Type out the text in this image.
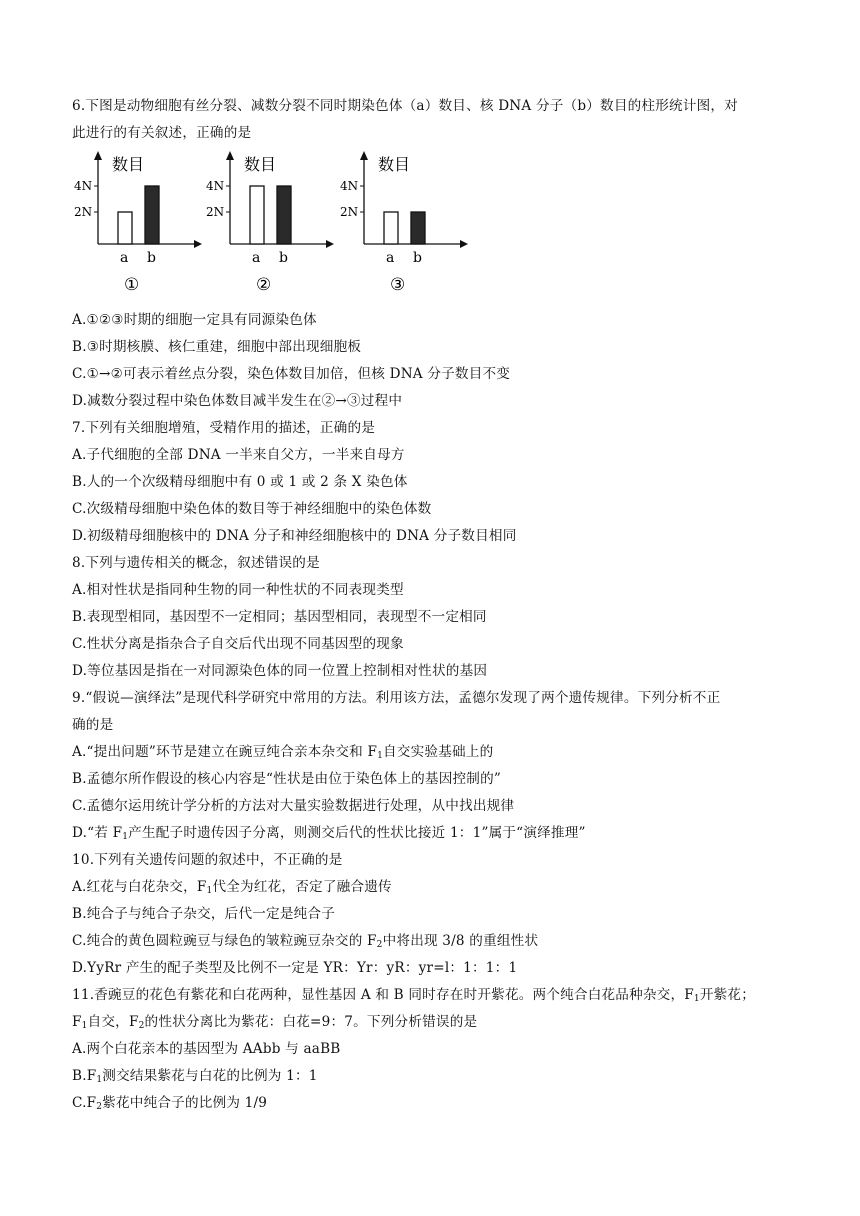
6.下图是动物细胞有丝分裂、减数分裂不同时期染色体（a）数目、核 DNA 分子（b）数目的柱形统计图，对
此进行的有关叙述，正确的是
数目
4N
2N
a b
①
数目
4N
2N
a b
②
数目
4N
2N
a b
③
A.①②③时期的细胞一定具有同源染色体
B.③时期核膜、核仁重建，细胞中部出现细胞板
C.①→②可表示着丝点分裂，染色体数目加倍，但核 DNA 分子数目不变
D.减数分裂过程中染色体数目减半发生在②→③过程中
7.下列有关细胞增殖，受精作用的描述，正确的是
A.子代细胞的全部 DNA 一半来自父方，一半来自母方
B.人的一个次级精母细胞中有 0 或 1 或 2 条 X 染色体
C.次级精母细胞中染色体的数目等于神经细胞中的染色体数
D.初级精母细胞核中的 DNA 分子和神经细胞核中的 DNA 分子数目相同
8.下列与遗传相关的概念，叙述错误的是
A.相对性状是指同种生物的同一种性状的不同表现类型
B.表现型相同，基因型不一定相同；基因型相同，表现型不一定相同
C.性状分离是指杂合子自交后代出现不同基因型的现象
D.等位基因是指在一对同源染色体的同一位置上控制相对性状的基因
9.“假说—演绎法”是现代科学研究中常用的方法。利用该方法，孟德尔发现了两个遗传规律。下列分析不正
确的是
A.“提出问题”环节是建立在豌豆纯合亲本杂交和 $F_1$自交实验基础上的
B.孟德尔所作假设的核心内容是“性状是由位于染色体上的基因控制的”
C.孟德尔运用统计学分析的方法对大量实验数据进行处理，从中找出规律
D.“若 $F_1$产生配子时遗传因子分离，则测交后代的性状比接近 1：1”属于“演绎推理”
10.下列有关遗传问题的叙述中，不正确的是
A.红花与白花杂交，$F_1$代全为红花，否定了融合遗传
B.纯合子与纯合子杂交，后代一定是纯合子
C.纯合的黄色圆粒豌豆与绿色的皱粒豌豆杂交的 $F_2$中将出现 3/8 的重组性状
D.YyRr 产生的配子类型及比例不一定是 YR：Yr：yR：yr=l：1：1：1
11.香豌豆的花色有紫花和白花两种，显性基因 A 和 B 同时存在时开紫花。两个纯合白花品种杂交，$F_1$开紫花；
$F_1$自交，$F_2$的性状分离比为紫花：白花=9：7。下列分析错误的是
A.两个白花亲本的基因型为 AAbb 与 aaBB
$B.F_1$测交结果紫花与白花的比例为 1：1
$C.F_2$紫花中纯合子的比例为 1/9
